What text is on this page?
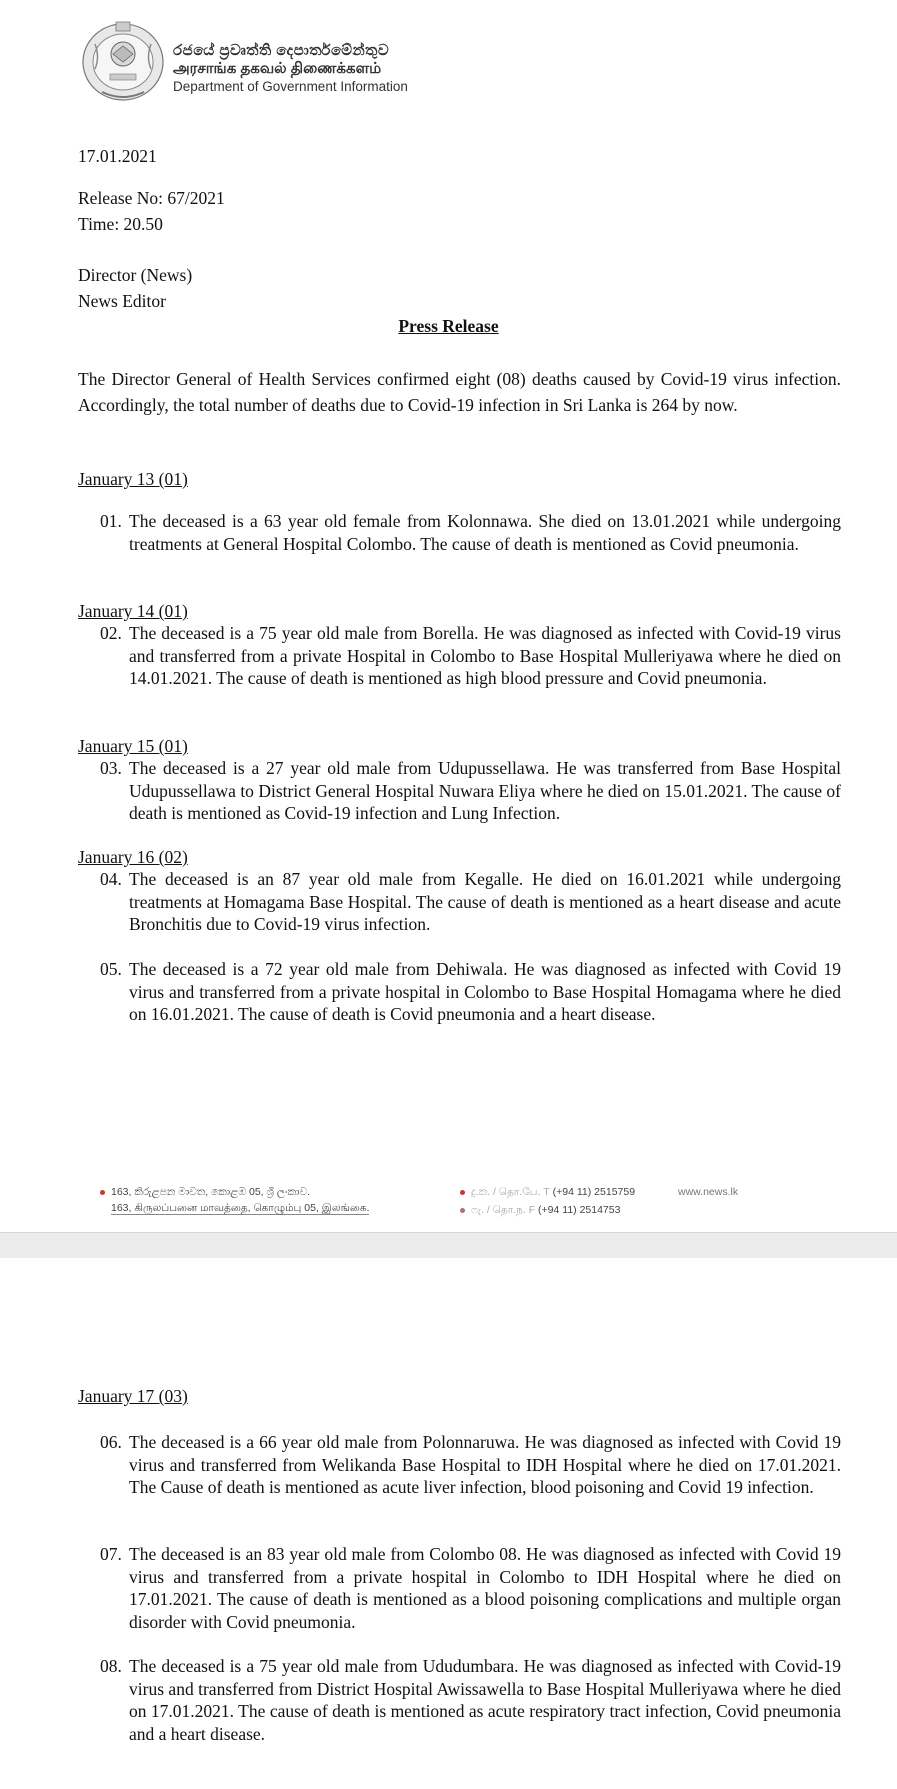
රජයේ ප්‍රවෘත්ති දෙපාර්තමේන්තුව
அரசாங்க தகவல் திணைக்களம்
Department of Government Information
17.01.2021
Release No: 67/2021
Time: 20.50
Director (News)
News Editor
Press Release
The Director General of Health Services confirmed eight (08) deaths caused by Covid-19 virus infection. Accordingly, the total number of deaths due to Covid-19 infection in Sri Lanka is 264 by now.
January 13 (01)
01. The deceased is a 63 year old female from Kolonnawa. She died on 13.01.2021 while undergoing treatments at General Hospital Colombo. The cause of death is mentioned as Covid pneumonia.
January 14 (01)
02. The deceased is a 75 year old male from Borella. He was diagnosed as infected with Covid-19 virus and transferred from a private Hospital in Colombo to Base Hospital Mulleriyawa where he died on 14.01.2021. The cause of death is mentioned as high blood pressure and Covid pneumonia.
January 15 (01)
03. The deceased is a 27 year old male from Udupussellawa. He was transferred from Base Hospital Udupussellawa to District General Hospital Nuwara Eliya where he died on 15.01.2021. The cause of death is mentioned as Covid-19 infection and Lung Infection.
January 16 (02)
04. The deceased is an 87 year old male from Kegalle. He died on 16.01.2021 while undergoing treatments at Homagama Base Hospital. The cause of death is mentioned as a heart disease and acute Bronchitis due to Covid-19 virus infection.
05. The deceased is a 72 year old male from Dehiwala. He was diagnosed as infected with Covid 19 virus and transferred from a private hospital in Colombo to Base Hospital Homagama where he died on 16.01.2021. The cause of death is Covid pneumonia and a heart disease.
163, කිරුළපන මාවත, කොළඹ 05, ශ්‍රී ලංකාව.
163, கிருலப்பனை மாவத்தை, கொழும்பு 05, இலங்கை.
දු.ක. / தொ.பே. T (+94 11) 2515759
ෆැ. / தொ.ந. F (+94 11) 2514753
www.news.lk
January 17 (03)
06. The deceased is a 66 year old male from Polonnaruwa. He was diagnosed as infected with Covid 19 virus and transferred from Welikanda Base Hospital to IDH Hospital where he died on 17.01.2021. The Cause of death is mentioned as acute liver infection, blood poisoning and Covid 19 infection.
07. The deceased is an 83 year old male from Colombo 08. He was diagnosed as infected with Covid 19 virus and transferred from a private hospital in Colombo to IDH Hospital where he died on 17.01.2021. The cause of death is mentioned as a blood poisoning complications and multiple organ disorder with Covid pneumonia.
08. The deceased is a 75 year old male from Ududumbara. He was diagnosed as infected with Covid-19 virus and transferred from District Hospital Awissawella to Base Hospital Mulleriyawa where he died on 17.01.2021. The cause of death is mentioned as acute respiratory tract infection, Covid pneumonia and a heart disease.
